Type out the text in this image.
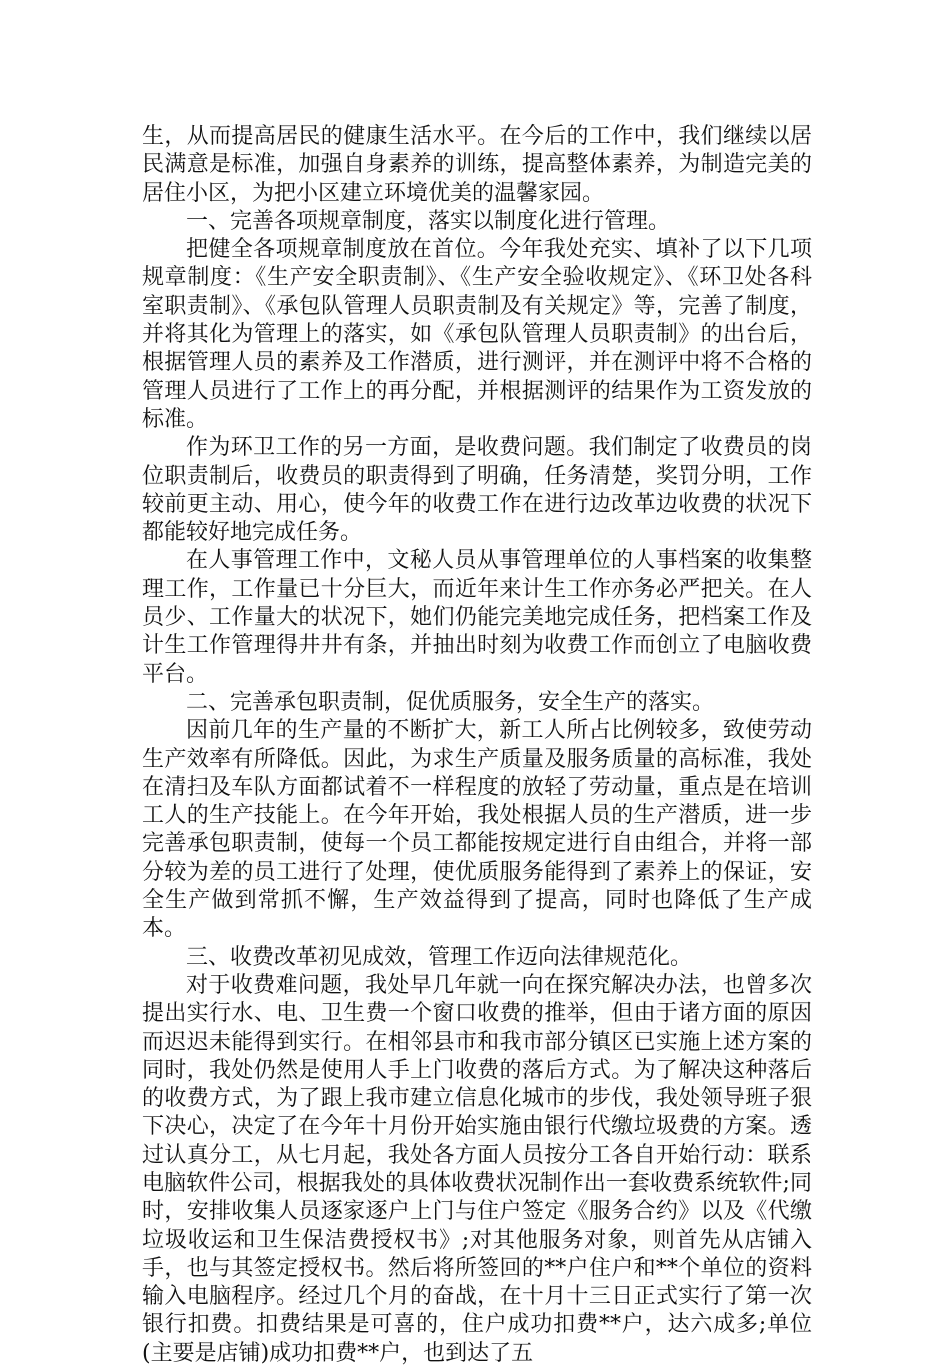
生，从而提高居民的健康生活水平。在今后的工作中，我们继续以居民满意是标准，加强自身素养的训练，提高整体素养，为制造完美的居住小区，为把小区建立环境优美的温馨家园。

一、完善各项规章制度，落实以制度化进行管理。

把健全各项规章制度放在首位。今年我处充实、填补了以下几项规章制度：《生产安全职责制》、《生产安全验收规定》、《环卫处各科室职责制》、《承包队管理人员职责制及有关规定》等，完善了制度，并将其化为管理上的落实，如《承包队管理人员职责制》的出台后，根据管理人员的素养及工作潜质，进行测评，并在测评中将不合格的管理人员进行了工作上的再分配，并根据测评的结果作为工资发放的标准。

作为环卫工作的另一方面，是收费问题。我们制定了收费员的岗位职责制后，收费员的职责得到了明确，任务清楚，奖罚分明，工作较前更主动、用心，使今年的收费工作在进行边改革边收费的状况下都能较好地完成任务。

在人事管理工作中，文秘人员从事管理单位的人事档案的收集整理工作，工作量已十分巨大，而近年来计生工作亦务必严把关。在人员少、工作量大的状况下，她们仍能完美地完成任务，把档案工作及计生工作管理得井井有条，并抽出时刻为收费工作而创立了电脑收费平台。

二、完善承包职责制，促优质服务，安全生产的落实。

因前几年的生产量的不断扩大，新工人所占比例较多，致使劳动生产效率有所降低。因此，为求生产质量及服务质量的高标准，我处在清扫及车队方面都试着不一样程度的放轻了劳动量，重点是在培训工人的生产技能上。在今年开始，我处根据人员的生产潜质，进一步完善承包职责制，使每一个员工都能按规定进行自由组合，并将一部分较为差的员工进行了处理，使优质服务能得到了素养上的保证，安全生产做到常抓不懈，生产效益得到了提高，同时也降低了生产成本。

三、收费改革初见成效，管理工作迈向法律规范化。

对于收费难问题，我处早几年就一向在探究解决办法，也曾多次提出实行水、电、卫生费一个窗口收费的推举，但由于诸方面的原因而迟迟未能得到实行。在相邻县市和我市部分镇区已实施上述方案的同时，我处仍然是使用人手上门收费的落后方式。为了解决这种落后的收费方式，为了跟上我市建立信息化城市的步伐，我处领导班子狠下决心，决定了在今年十月份开始实施由银行代缴垃圾费的方案。透过认真分工，从七月起，我处各方面人员按分工各自开始行动：联系电脑软件公司，根据我处的具体收费状况制作出一套收费系统软件;同时，安排收集人员逐家逐户上门与住户签定《服务合约》以及《代缴垃圾收运和卫生保洁费授权书》;对其他服务对象，则首先从店铺入手，也与其签定授权书。然后将所签回的**户住户和**个单位的资料输入电脑程序。经过几个月的奋战，在十月十三日正式实行了第一次银行扣费。扣费结果是可喜的，住户成功扣费**户，达六成多;单位(主要是店铺)成功扣费**户，也到达了五
